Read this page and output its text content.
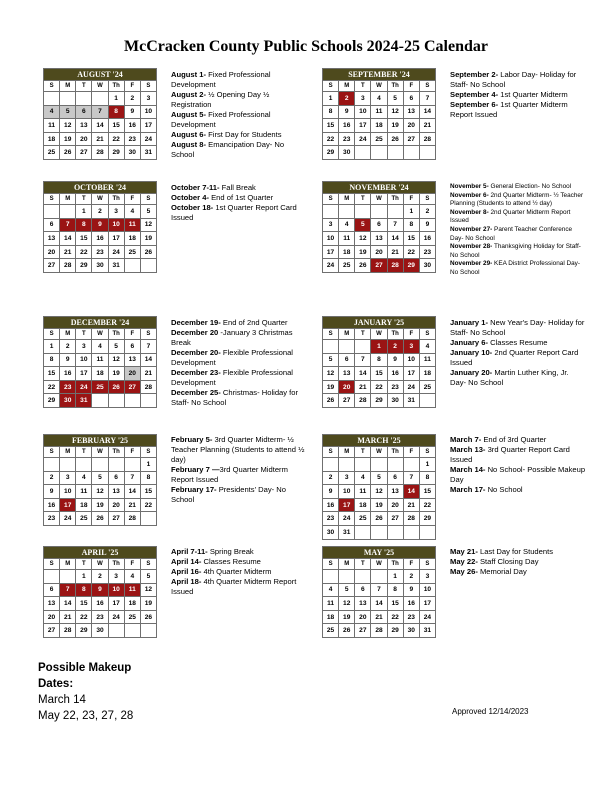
McCracken County Public Schools 2024-25 Calendar
AUGUST '24						
S	M	T	W	Th	F	S
				1	2	3
4	5	6	7	8	9	10
11	12	13	14	15	16	17
18	19	20	21	22	23	24
25	26	27	28	29	30	31
August 1- Fixed Professional Development
August 2- ½ Opening Day ½ Registration
August 5- Fixed Professional Development
August 6- First Day for Students
August 8- Emancipation Day- No School
SEPTEMBER '24						
S	M	T	W	Th	F	S
1	2	3	4	5	6	7
8	9	10	11	12	13	14
15	16	17	18	19	20	21
22	23	24	25	26	27	28
29	30					
September 2- Labor Day- Holiday for Staff- No School
September 4- 1st Quarter Midterm
September 6- 1st Quarter Midterm Report Issued
OCTOBER '24						
S	M	T	W	Th	F	S
		1	2	3	4	5
6	7	8	9	10	11	12
13	14	15	16	17	18	19
20	21	22	23	24	25	26
27	28	29	30	31		
October 7-11- Fall Break
October 4- End of 1st Quarter
October 18- 1st Quarter Report Card Issued
NOVEMBER '24						
S	M	T	W	Th	F	S
					1	2
3	4	5	6	7	8	9
10	11	12	13	14	15	16
17	18	19	20	21	22	23
24	25	26	27	28	29	30
November 5- General Election- No School
November 6- 2nd Quarter Midterm- ½ Teacher Planning (Students to attend ½ day)
November 8- 2nd Quarter Midterm Report Issued
November 27- Parent Teacher Conference Day- No School
November 28- Thanksgiving Holiday for Staff- No School
November 29- KEA District Professional Day- No School
DECEMBER '24						
S	M	T	W	Th	F	S
1	2	3	4	5	6	7
8	9	10	11	12	13	14
15	16	17	18	19	20	21
22	23	24	25	26	27	28
29	30	31				
December 19- End of 2nd Quarter
December 20 -January 3 Christmas Break
December 20- Flexible Professional Development
December 23- Flexible Professional Development
December 25- Christmas- Holiday for Staff- No School
JANUARY '25						
S	M	T	W	Th	F	S
			1	2	3	4
5	6	7	8	9	10	11
12	13	14	15	16	17	18
19	20	21	22	23	24	25
26	27	28	29	30	31	
January 1- New Year's Day- Holiday for Staff- No School
January 6- Classes Resume
January 10- 2nd Quarter Report Card Issued
January 20- Martin Luther King, Jr. Day- No School
FEBRUARY '25						
S	M	T	W	Th	F	S
						1
2	3	4	5	6	7	8
9	10	11	12	13	14	15
16	17	18	19	20	21	22
23	24	25	26	27	28	
February 5- 3rd Quarter Midterm- ½ Teacher Planning (Students to attend ½ day)
February 7 —3rd Quarter Midterm Report Issued
February 17- Presidents' Day- No School
MARCH '25						
S	M	T	W	Th	F	S
						1
2	3	4	5	6	7	8
9	10	11	12	13	14	15
16	17	18	19	20	21	22
23	24	25	26	27	28	29
30	31					
March 7- End of 3rd Quarter
March 13- 3rd Quarter Report Card Issued
March 14- No School- Possible Makeup Day
March 17- No School
APRIL '25						
S	M	T	W	Th	F	S
		1	2	3	4	5
6	7	8	9	10	11	12
13	14	15	16	17	18	19
20	21	22	23	24	25	26
27	28	29	30			
April 7-11- Spring Break
April 14- Classes Resume
April 16- 4th Quarter Midterm
April 18- 4th Quarter Midterm Report Issued
MAY '25						
S	M	T	W	Th	F	S
				1	2	3
4	5	6	7	8	9	10
11	12	13	14	15	16	17
18	19	20	21	22	23	24
25	26	27	28	29	30	31
May 21- Last Day for Students
May 22- Staff Closing Day
May 26- Memorial Day
Possible Makeup
Dates:
March 14
May 22, 23, 27, 28	Approved 12/14/2023
